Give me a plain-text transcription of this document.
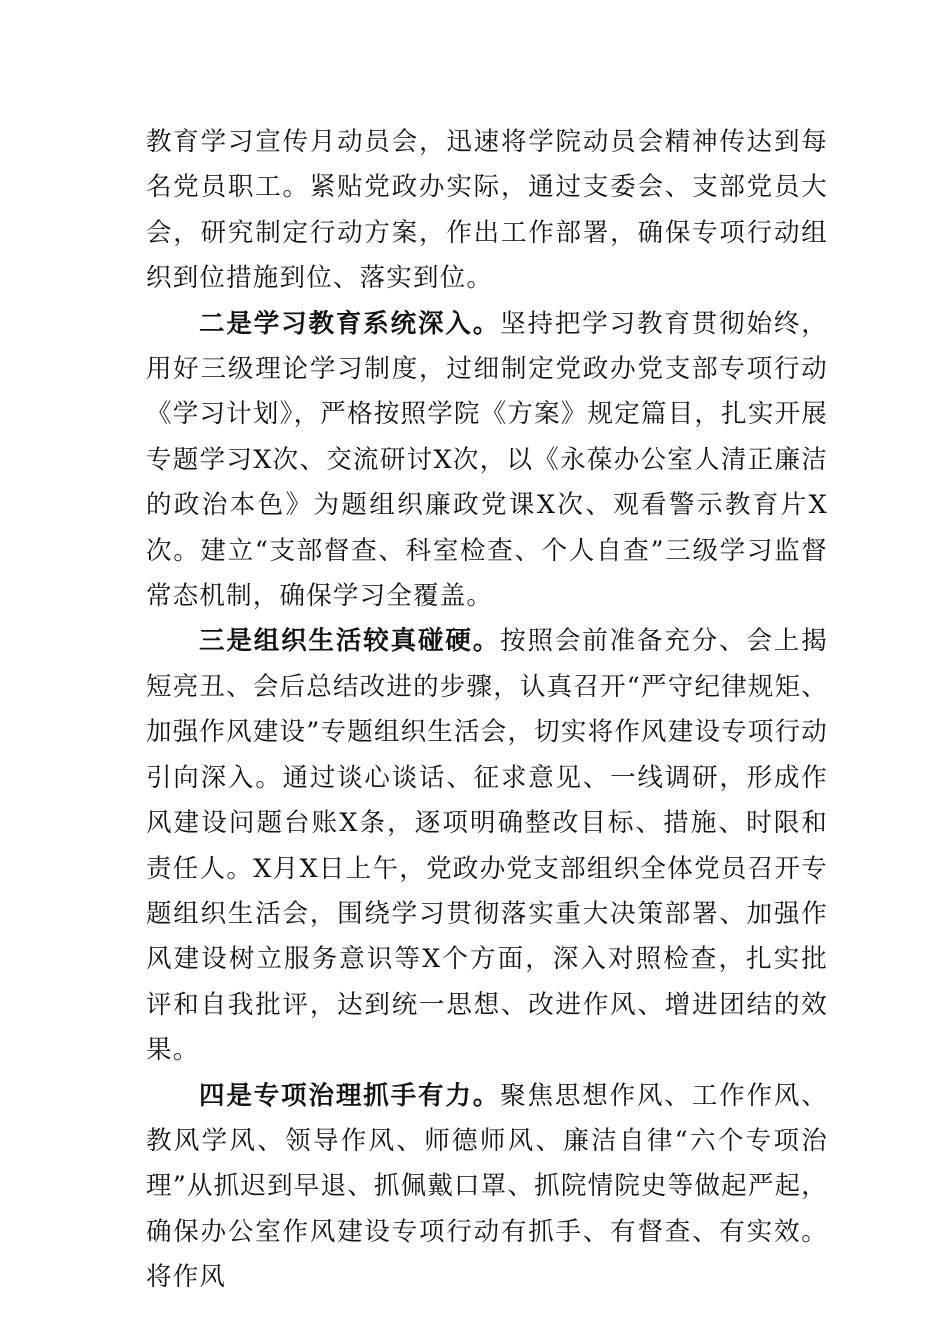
教育学习宣传月动员会，迅速将学院动员会精神传达到每名党员职工。紧贴党政办实际，通过支委会、支部党员大会，研究制定行动方案，作出工作部署，确保专项行动组织到位措施到位、落实到位。

二是学习教育系统深入。坚持把学习教育贯彻始终，用好三级理论学习制度，过细制定党政办党支部专项行动《学习计划》，严格按照学院《方案》规定篇目，扎实开展专题学习X次、交流研讨X次，以《永葆办公室人清正廉洁的政治本色》为题组织廉政党课X次、观看警示教育片X次。建立“支部督查、科室检查、个人自查”三级学习监督常态机制，确保学习全覆盖。

三是组织生活较真碰硬。按照会前准备充分、会上揭短亮丑、会后总结改进的步骤，认真召开“严守纪律规矩、加强作风建设”专题组织生活会，切实将作风建设专项行动引向深入。通过谈心谈话、征求意见、一线调研，形成作风建设问题台账X条，逐项明确整改目标、措施、时限和责任人。X月X日上午，党政办党支部组织全体党员召开专题组织生活会，围绕学习贯彻落实重大决策部署、加强作风建设树立服务意识等X个方面，深入对照检查，扎实批评和自我批评，达到统一思想、改进作风、增进团结的效果。

四是专项治理抓手有力。聚焦思想作风、工作作风、教风学风、领导作风、师德师风、廉洁自律“六个专项治理”从抓迟到早退、抓佩戴口罩、抓院情院史等做起严起，确保办公室作风建设专项行动有抓手、有督查、有实效。将作风
